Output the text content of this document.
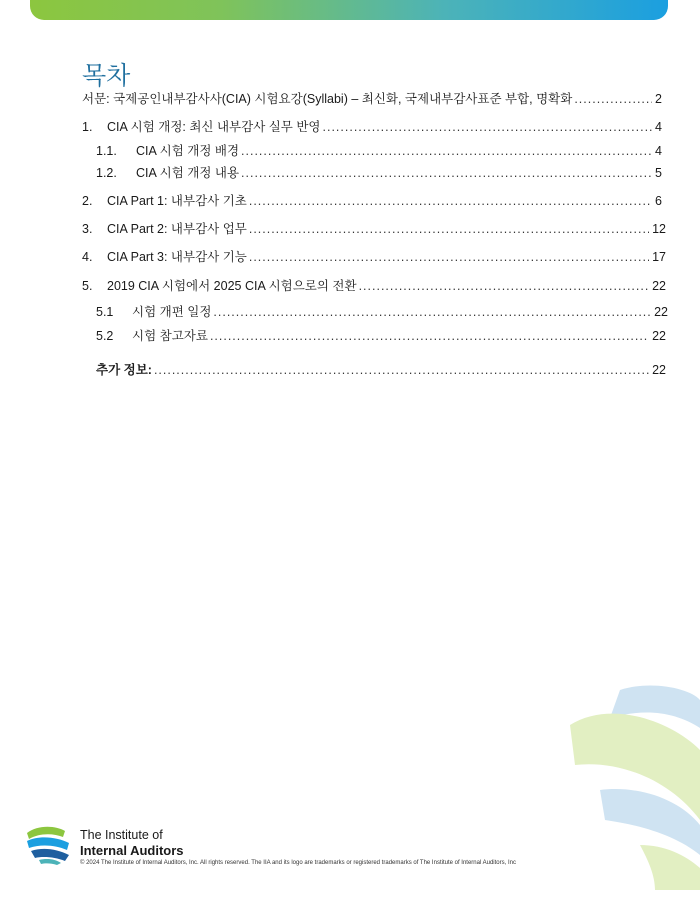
목차
서문: 국제공인내부감사사(CIA) 시험요강(Syllabi) – 최신화, 국제내부감사표준 부합, 명확화 .....	2
1.	CIA 시험 개정: 최신 내부감사 실무 반영 .....	4
1.1.	CIA 시험 개정 배경 .....	4
1.2.	CIA 시험 개정 내용 .....	5
2.	CIA Part 1: 내부감사 기초 .....	6
3.	CIA Part 2: 내부감사 업무 .....	12
4.	CIA Part 3: 내부감사 기능 .....	17
5.	2019 CIA 시험에서 2025 CIA 시험으로의 전환 .....	22
5.1	시험 개편 일정 .....	22
5.2	시험 참고자료 .....	22
추가 정보: .....	22
The Institute of
Internal Auditors
© 2024 The Institute of Internal Auditors, Inc. All rights reserved. The IIA and its logo are trademarks or registered trademarks of The Institute of Internal Auditors, Inc
